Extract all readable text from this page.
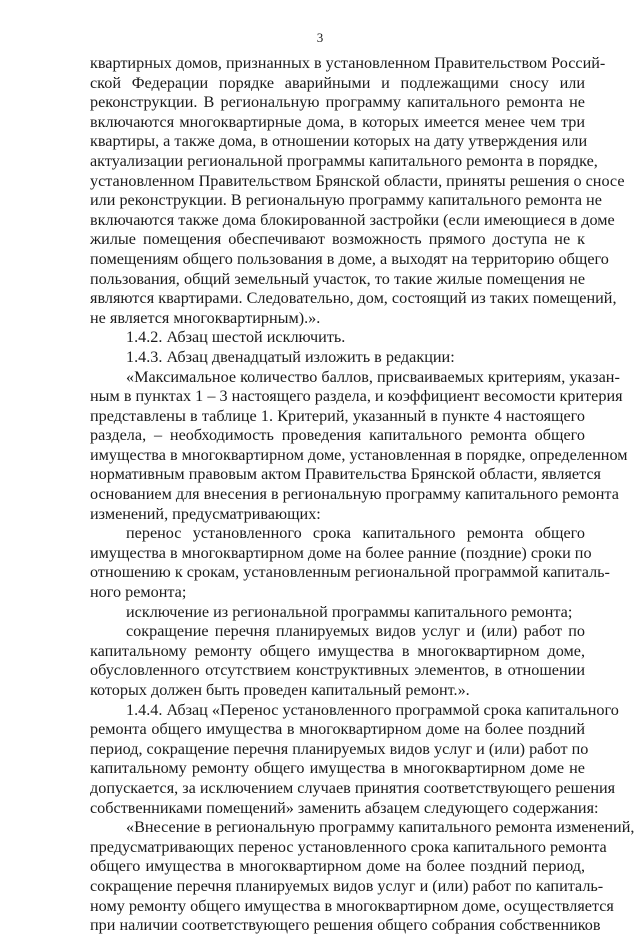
3
квартирных домов, признанных в установленном Правительством Россий-
ской Федерации порядке аварийными и подлежащими сносу или
реконструкции. В региональную программу капитального ремонта не
включаются многоквартирные дома, в которых имеется менее чем три
квартиры, а также дома, в отношении которых на дату утверждения или
актуализации региональной программы капитального ремонта в порядке,
установленном Правительством Брянской области, приняты решения о сносе
или реконструкции. В региональную программу капитального ремонта не
включаются также дома блокированной застройки (если имеющиеся в доме
жилые помещения обеспечивают возможность прямого доступа не к
помещениям общего пользования в доме, а выходят на территорию общего
пользования, общий земельный участок, то такие жилые помещения не
являются квартирами. Следовательно, дом, состоящий из таких помещений,
не является многоквартирным).».
1.4.2. Абзац шестой исключить.
1.4.3. Абзац двенадцатый изложить в редакции:
«Максимальное количество баллов, присваиваемых критериям, указан-
ным в пунктах 1 – 3 настоящего раздела, и коэффициент весомости критерия
представлены в таблице 1. Критерий, указанный в пункте 4 настоящего
раздела, – необходимость проведения капитального ремонта общего
имущества в многоквартирном доме, установленная в порядке, определенном
нормативным правовым актом Правительства Брянской области, является
основанием для внесения в региональную программу капитального ремонта
изменений, предусматривающих:
перенос установленного срока капитального ремонта общего
имущества в многоквартирном доме на более ранние (поздние) сроки по
отношению к срокам, установленным региональной программой капиталь-
ного ремонта;
исключение из региональной программы капитального ремонта;
сокращение перечня планируемых видов услуг и (или) работ по
капитальному ремонту общего имущества в многоквартирном доме,
обусловленного отсутствием конструктивных элементов, в отношении
которых должен быть проведен капитальный ремонт.».
1.4.4. Абзац «Перенос установленного программой срока капитального
ремонта общего имущества в многоквартирном доме на более поздний
период, сокращение перечня планируемых видов услуг и (или) работ по
капитальному ремонту общего имущества в многоквартирном доме не
допускается, за исключением случаев принятия соответствующего решения
собственниками помещений» заменить абзацем следующего содержания:
«Внесение в региональную программу капитального ремонта изменений,
предусматривающих перенос установленного срока капитального ремонта
общего имущества в многоквартирном доме на более поздний период,
сокращение перечня планируемых видов услуг и (или) работ по капиталь-
ному ремонту общего имущества в многоквартирном доме, осуществляется
при наличии соответствующего решения общего собрания собственников
